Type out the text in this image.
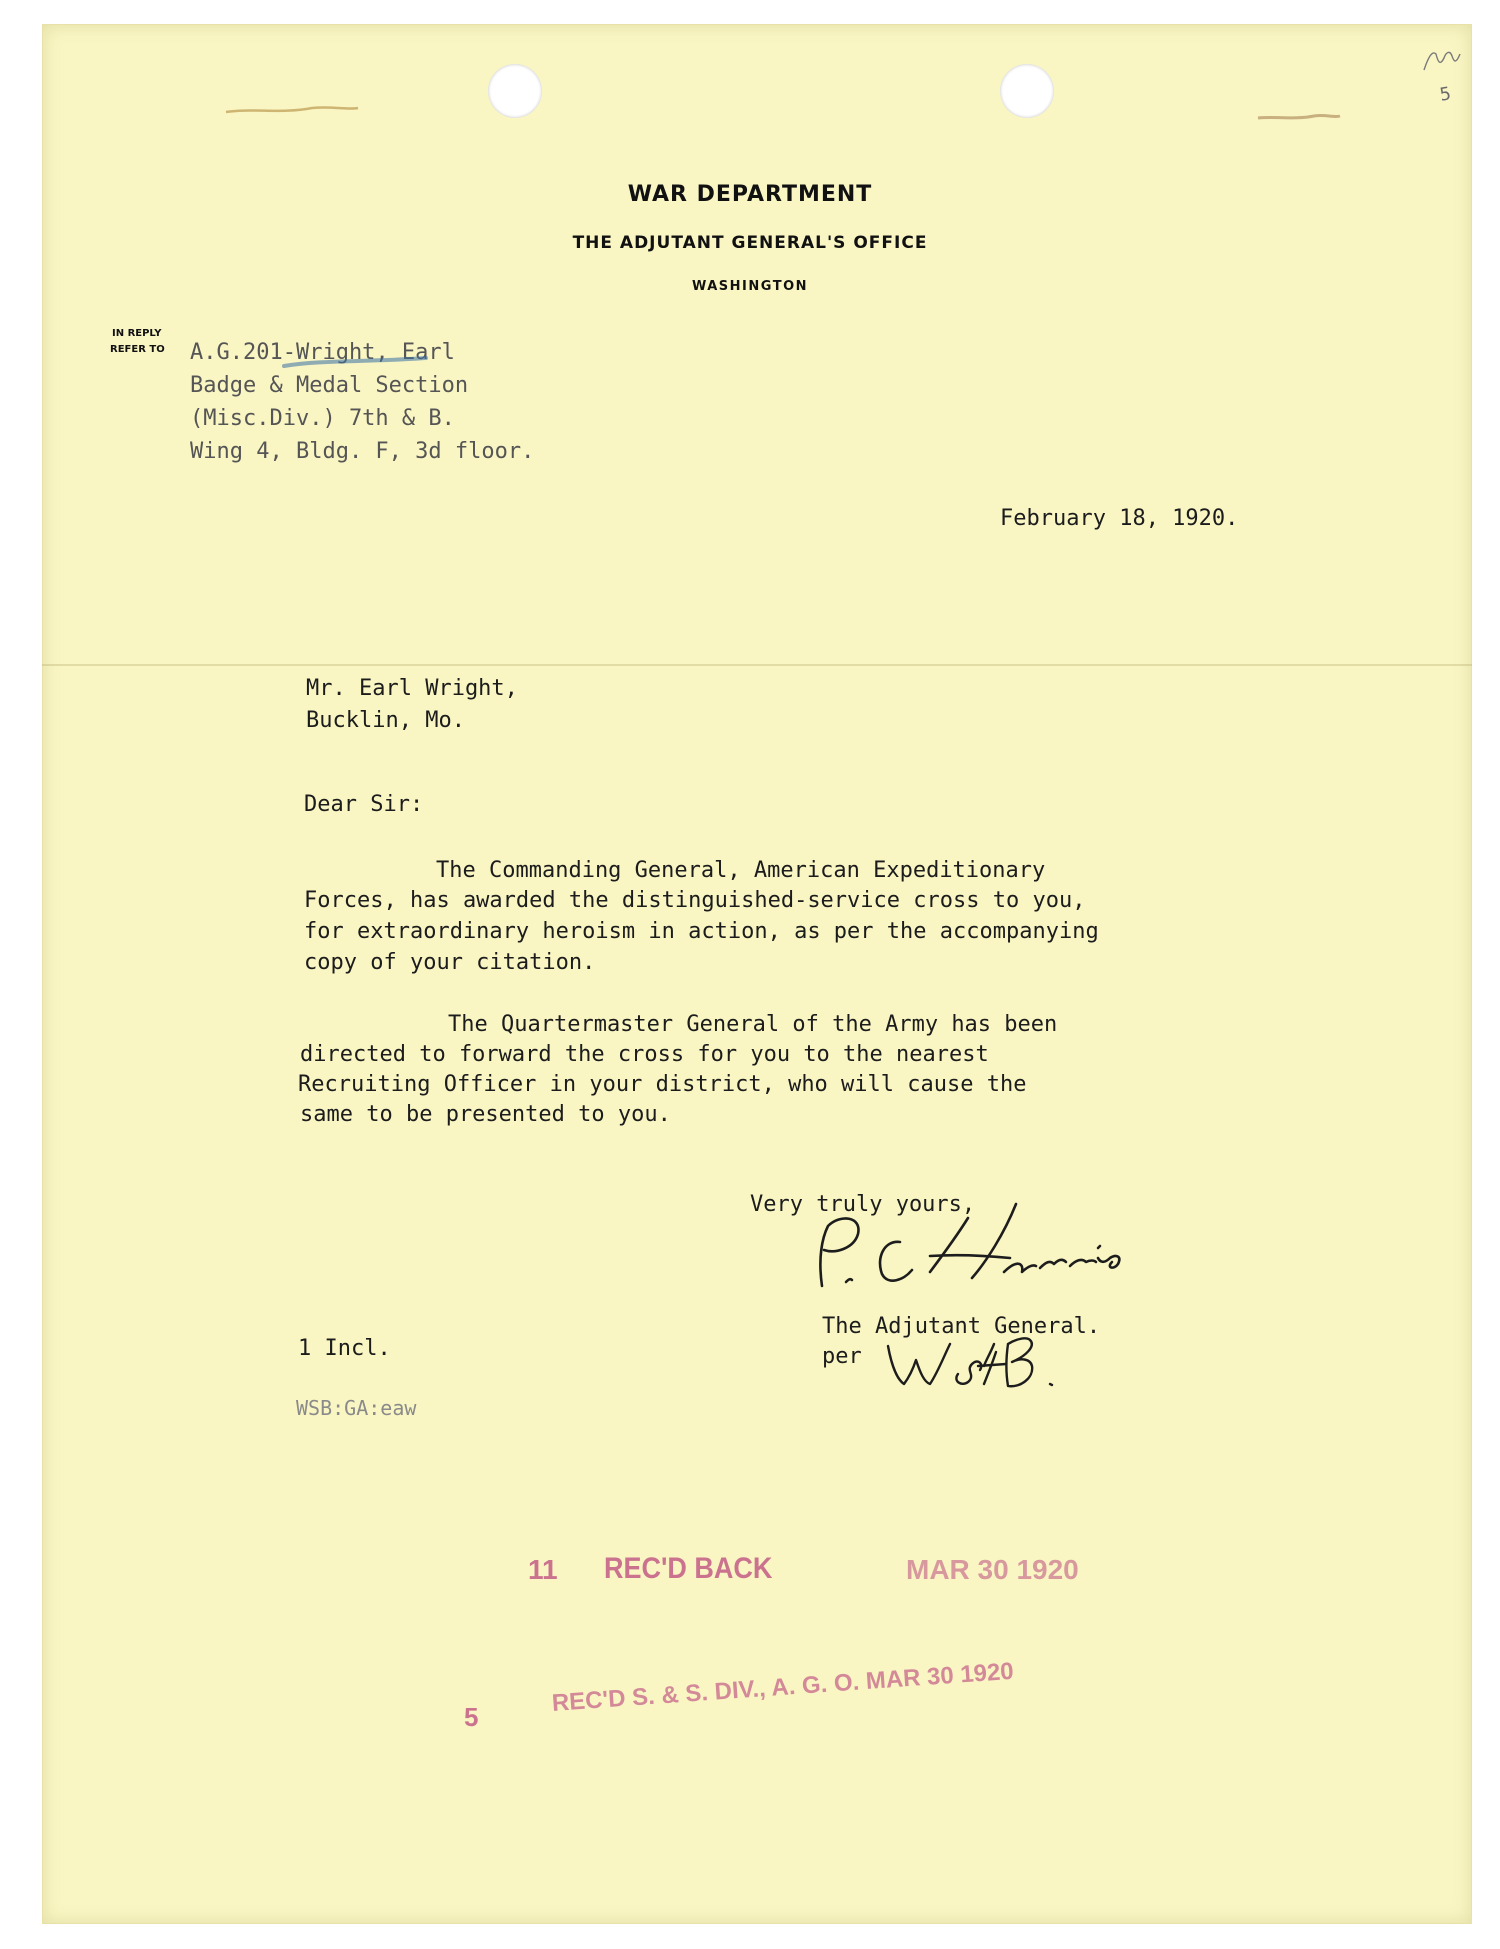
WAR DEPARTMENT
THE ADJUTANT GENERAL'S OFFICE
WASHINGTON
IN REPLY
REFER TO A.G.201-Wright, Earl
Badge & Medal Section
(Misc.Div.) 7th & B.
Wing 4, Bldg. F, 3d floor.
February 18, 1920.
Mr. Earl Wright,
Bucklin, Mo.
Dear Sir:
The Commanding General, American Expeditionary
Forces, has awarded the distinguished-service cross to you,
for extraordinary heroism in action, as per the accompanying
copy of your citation.
The Quartermaster General of the Army has been
directed to forward the cross for you to the nearest
Recruiting Officer in your district, who will cause the
same to be presented to you.
Very truly yours,
The Adjutant General.
per
1 Incl.
WSB:GA:eaw
11 REC'D BACK	MAR 30 1920
5
REC'D S. & S. DIV., A. G. O. MAR 30 1920
5
